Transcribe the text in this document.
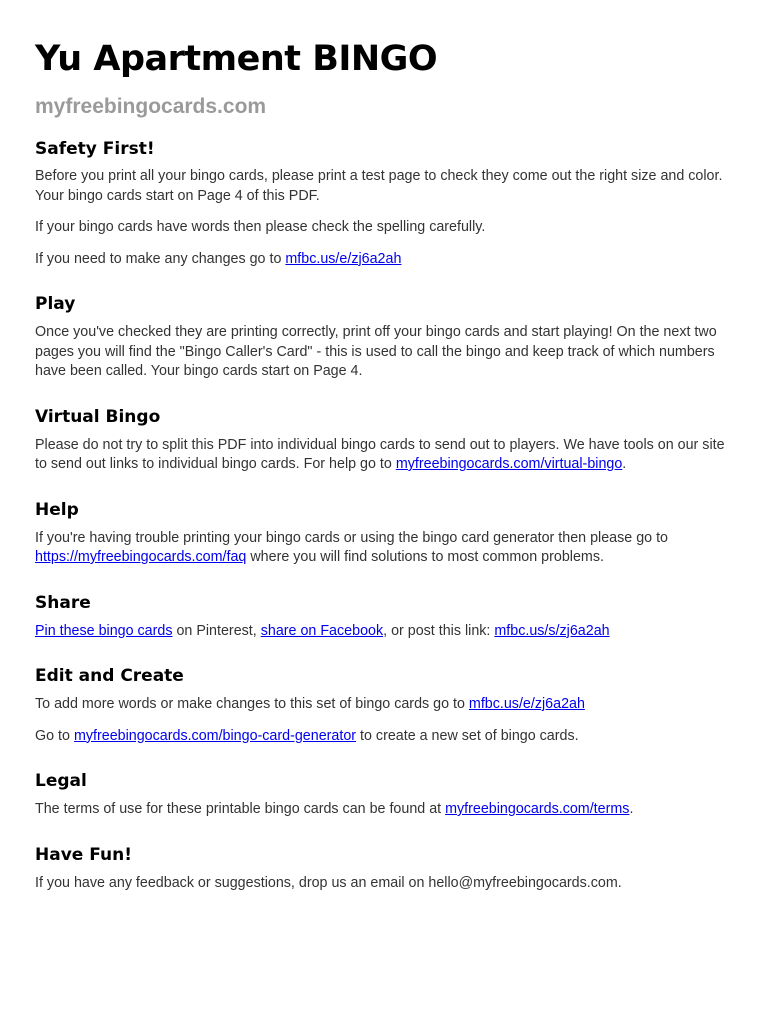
Yu Apartment BINGO
myfreebingocards.com
Safety First!

Before you print all your bingo cards, please print a test page to check they come out the right size and color. Your bingo cards start on Page 4 of this PDF.

If your bingo cards have words then please check the spelling carefully.

If you need to make any changes go to mfbc.us/e/zj6a2ah

Play

Once you've checked they are printing correctly, print off your bingo cards and start playing! On the next two pages you will find the "Bingo Caller's Card" - this is used to call the bingo and keep track of which numbers have been called. Your bingo cards start on Page 4.

Virtual Bingo

Please do not try to split this PDF into individual bingo cards to send out to players. We have tools on our site to send out links to individual bingo cards. For help go to myfreebingocards.com/virtual-bingo.

Help

If you're having trouble printing your bingo cards or using the bingo card generator then please go to https://myfreebingocards.com/faq where you will find solutions to most common problems.

Share

Pin these bingo cards on Pinterest, share on Facebook, or post this link: mfbc.us/s/zj6a2ah

Edit and Create

To add more words or make changes to this set of bingo cards go to mfbc.us/e/zj6a2ah

Go to myfreebingocards.com/bingo-card-generator to create a new set of bingo cards.

Legal

The terms of use for these printable bingo cards can be found at myfreebingocards.com/terms.

Have Fun!

If you have any feedback or suggestions, drop us an email on hello@myfreebingocards.com.
